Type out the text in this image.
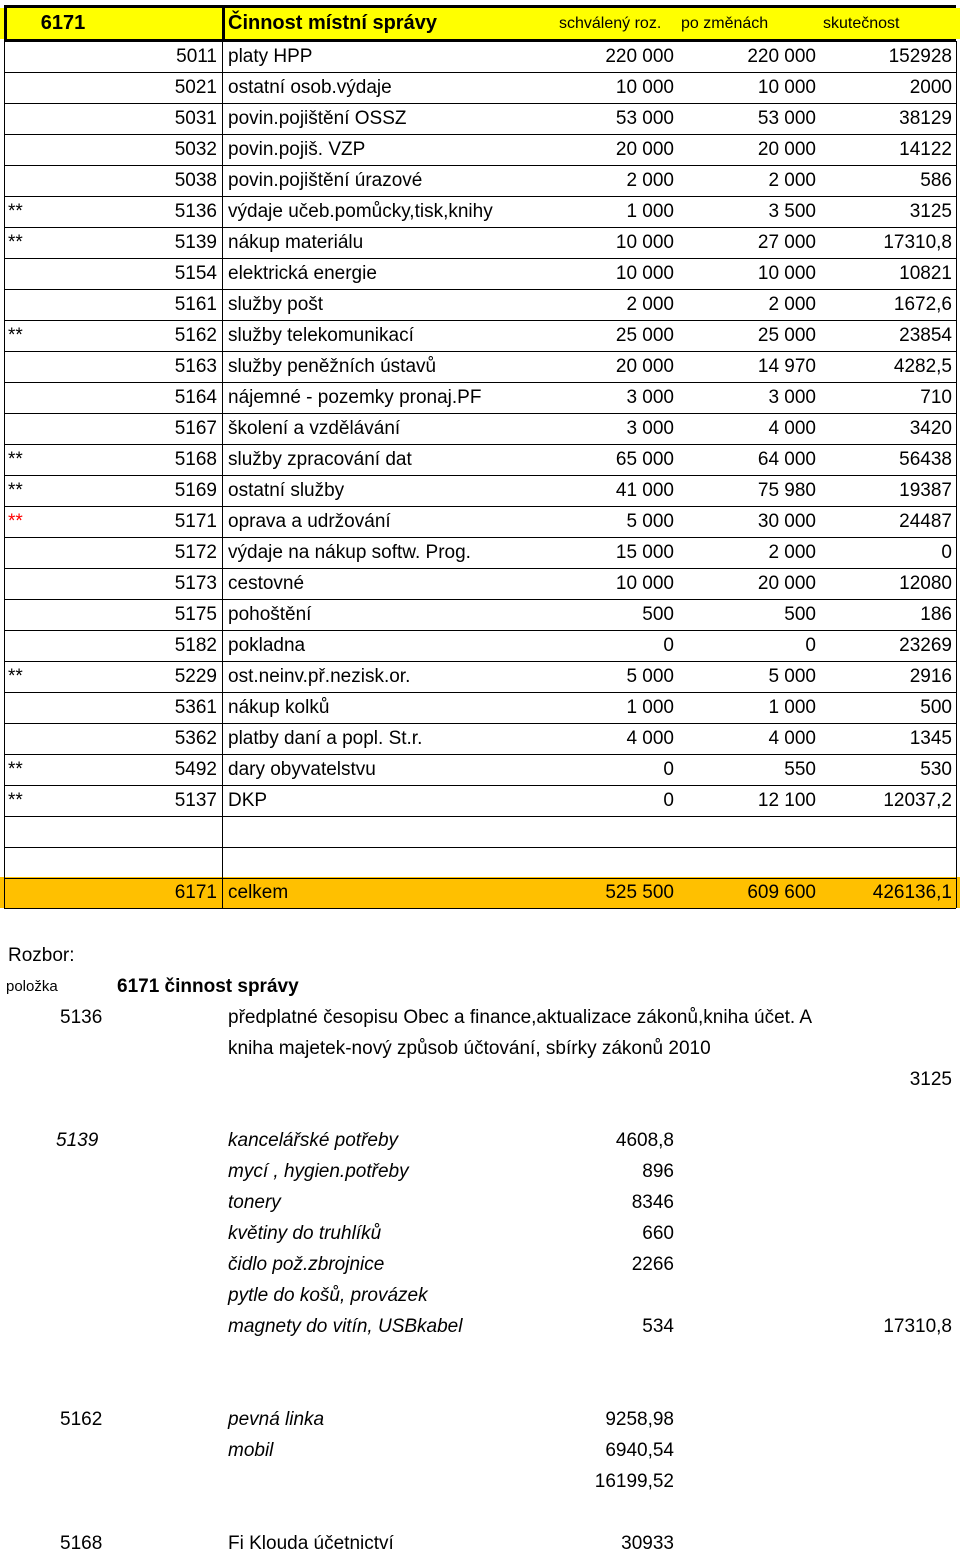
6171	Činnost místní správy	schválený roz.	po změnách	skutečnost
5011 platy HPP	220 000	220 000	152928
5021 ostatní osob.výdaje	10 000	10 000	2000
5031 povin.pojištění OSSZ	53 000	53 000	38129
5032 povin.pojiš. VZP	20 000	20 000	14122
5038 povin.pojištění úrazové	2 000	2 000	586
**	5136 výdaje učeb.pomůcky,tisk,knihy	1 000	3 500	3125
**	5139 nákup materiálu	10 000	27 000	17310,8
5154 elektrická energie	10 000	10 000	10821
5161 služby pošt	2 000	2 000	1672,6
**	5162 služby telekomunikací	25 000	25 000	23854
5163 služby peněžních ústavů	20 000	14 970	4282,5
5164 nájemné - pozemky pronaj.PF	3 000	3 000	710
5167 školení a vzdělávání	3 000	4 000	3420
**	5168 služby zpracování dat	65 000	64 000	56438
**	5169 ostatní služby	41 000	75 980	19387
**	5171 oprava a udržování	5 000	30 000	24487
5172 výdaje na nákup softw. Prog.	15 000	2 000	0
5173 cestovné	10 000	20 000	12080
5175 pohoštění	500	500	186
5182 pokladna	0	0	23269
**	5229 ost.neinv.př.nezisk.or.	5 000	5 000	2916
5361 nákup kolků	1 000	1 000	500
5362 platby daní a popl. St.r.	4 000	4 000	1345
**	5492 dary obyvatelstvu	0	550	530
**	5137 DKP	0	12 100	12037,2
6171 celkem	525 500	609 600	426136,1
Rozbor:
položka	6171 činnost správy
5136	předplatné česopisu Obec a finance,aktualizace zákonů,kniha účet. A
kniha majetek-nový způsob účtování, sbírky zákonů 2010
3125
5139	kancelářské potřeby	4608,8
mycí , hygien.potřeby	896
tonery	8346
květiny do truhlíků	660
čidlo pož.zbrojnice	2266
pytle do košů, provázek
magnety do vitín, USBkabel	534	17310,8
5162	pevná linka	9258,98
mobil	6940,54
16199,52
5168	Fi Klouda účetnictví	30933
